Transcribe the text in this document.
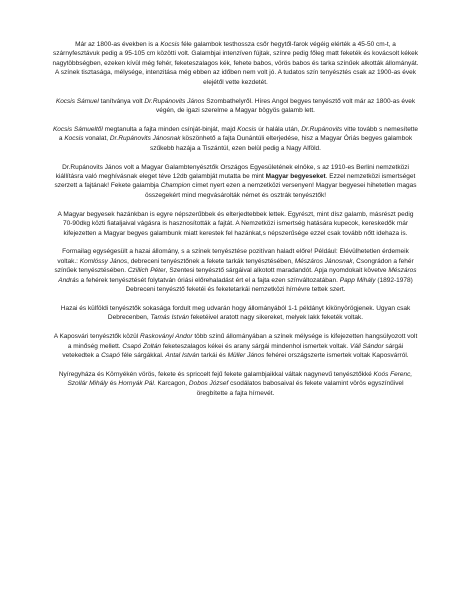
Már az 1800-as években is a Kocsis féle galambok testhossza csőr hegytől-farok végéig elérték a 45-50 cm-t, a szárnyfesztávuk pedig a 95-105 cm közötti volt. Galambjai intenzíven fújtak, színre pedig főleg matt feketék és kovácsolt kékek nagytöbbségben, ezeken kívül még fehér, feketeszalagos kék, fehete babos, vörös babos és tarka színűek alkották állományát. A színek tisztasága, mélysége, intenzitása még ebben az időben nem volt jó. A tudatos szín tenyésztés csak az 1900-as évek elejétől vette kezdetét.

Kocsis Sámuel tanítványa volt Dr.Rupánovits János Szombathelyről. Híres Angol begyes tenyésztő volt már az 1800-as évek végén, de igazi szerelme a Magyar bögyös galamb lett.

Kocsis Sámueltől megtanulta a fajta minden csínját-binját, majd Kocsis úr halála után, Dr.Rupánovits vitte tovább s nemesítette a Kocsis vonalat, Dr.Rupánovits Jánosnak köszönhető a fajta Dunántúli elterjedése, hisz a Magyar Óriás begyes galambok szűkebb hazája a Tiszántúl, ezen belül pedig a Nagy Alföld.

Dr.Rupánovits János volt a Magyar Galambtenyésztők Országos Egyesületének elnöke, s az 1910-es Berlini nemzetközi kiállításra való meghívásnak eleget téve 12db galambját mutatta be mint Magyar begyeseket. Ezzel nemzetközi ismertséget szerzett a fajtának! Fekete galambja Champion címet nyert ezen a nemzetközi versenyen! Magyar begyesei hihetetlen magas összegekért mind megvásárolták német és osztrák tenyésztők!

A Magyar begyesek hazánkban is egyre népszerűbbek és elterjedtebbek lettek. Egyrészt, mint dísz galamb, másrészt pedig 70-90dkg közti fiataljaival vágásra is hasznosították a fajtát. A Nemzetközi ismertség hatására kupecok, kereskedők már kifejezetten a Magyar begyes galambunk miatt kerestek fel hazánkat,s népszerűsége ezzel csak tovább nőtt idehaza is.

Formailag egységesült a hazai állomány, s a színek tenyésztése pozitívan haladt előre! Például: Elévülhetetlen érdemeik voltak.: Komlóssy János, debreceni tenyésztőnek a fekete tarkák tenyésztésében, Mészáros Jánosnak, Csongrádon a fehér színűek tenyésztésében. Czillich Péter, Szentesi tenyésztő sárgáival alkotott maradandót. Apja nyomdokait követve Mészáros András a fehérek tenyésztését folytatván óriási előrehaladást ért el a fajta ezen színváltozatában. Papp Mihály (1892-1978) Debreceni tenyésztő feketéi és feketetarkái nemzetközi hírnévre tettek szert.

Hazai és külföldi tenyésztők sokasága fordult meg udvarán hogy állományából 1-1 példányt kikönyörögjenek. Ugyan csak Debrecenben, Tamás István feketéivel aratott nagy sikereket, melyek lakk feketék voltak.

A Kaposvári tenyésztők közül Raskoványi Andor több színű állományában a színek mélysége is kifejezetten hangsúlyozott volt a minőség mellett. Csapó Zoltán feketeszalagos kékei és arany sárgái mindenhol ismertek voltak. Váli Sándor sárgái vetekedtek a Csapó féle sárgákkal. Antal István tarkái és Müller János fehérei országszerte ismertek voltak Kaposvárról.

Nyíregyháza és Környékén vörös, fekete és spriccelt fejű fekete galambjaikkal váltak nagynevű tenyésztőkké Koós Ferenc, Szollár Mihály és Hornyák Pál. Karcagon, Dobos József csodálatos babosaival és fekete valamint vörös egyszínűivel öregbítette a fajta hírnevét.
